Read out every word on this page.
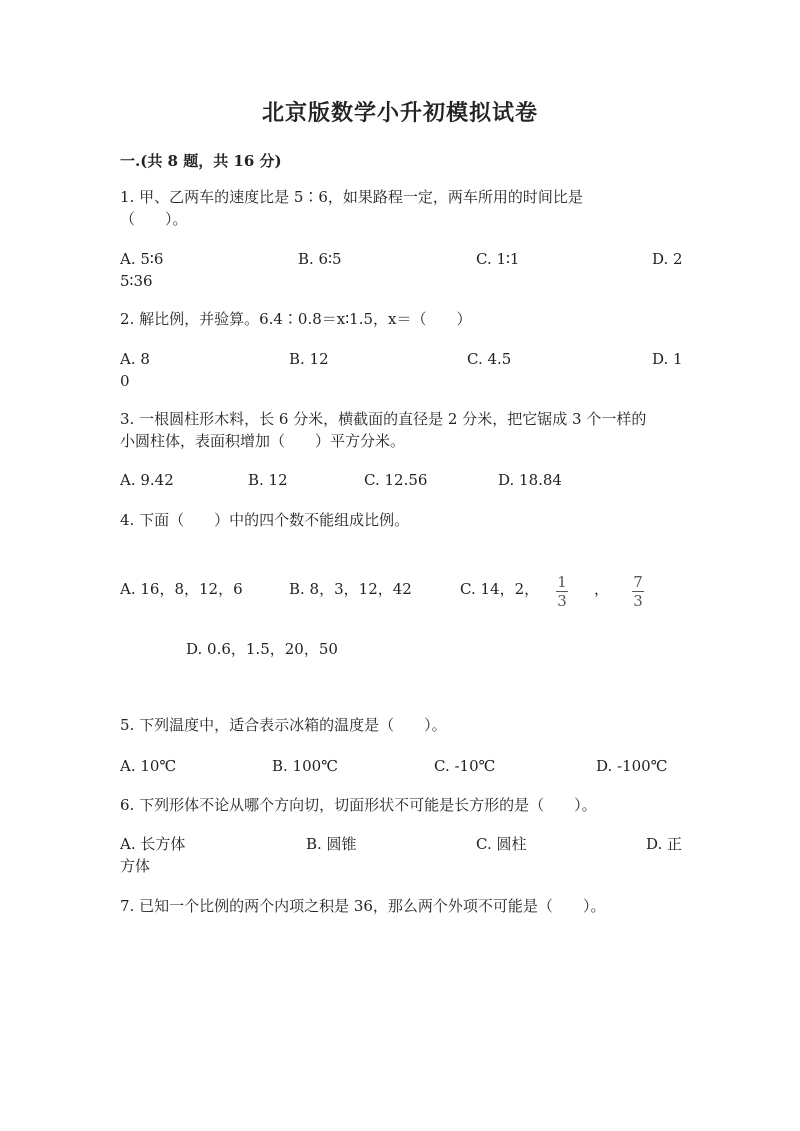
北京版数学小升初模拟试卷
一.(共 8 题，共 16 分)
1. 甲、乙两车的速度比是 5∶6，如果路程一定，两车所用的时间比是
（　　）。
A. 5∶6	B. 6∶5	C. 1∶1	D. 2
5∶36
2. 解比例，并验算。6.4∶0.8＝x∶1.5，x＝（　　）
A. 8	B. 12	C. 4.5	D. 1
0
3. 一根圆柱形木料，长 6 分米，横截面的直径是 2 分米，把它锯成 3 个一样的
小圆柱体，表面积增加（　　）平方分米。
A. 9.42	B. 12	C. 12.56	D. 18.84
4. 下面（　　）中的四个数不能组成比例。
A. 16，8，12，6	B. 8，3，12，42	C. 14，2， 1
3
， 7
3
D. 0.6，1.5，20，50
5. 下列温度中，适合表示冰箱的温度是（　　）。
A. 10℃	B. 100℃	C. -10℃	D. -100℃
6. 下列形体不论从哪个方向切，切面形状不可能是长方形的是（　　）。
A. 长方体	B. 圆锥	C. 圆柱	D. 正
方体
7. 已知一个比例的两个内项之积是 36，那么两个外项不可能是（　　）。
